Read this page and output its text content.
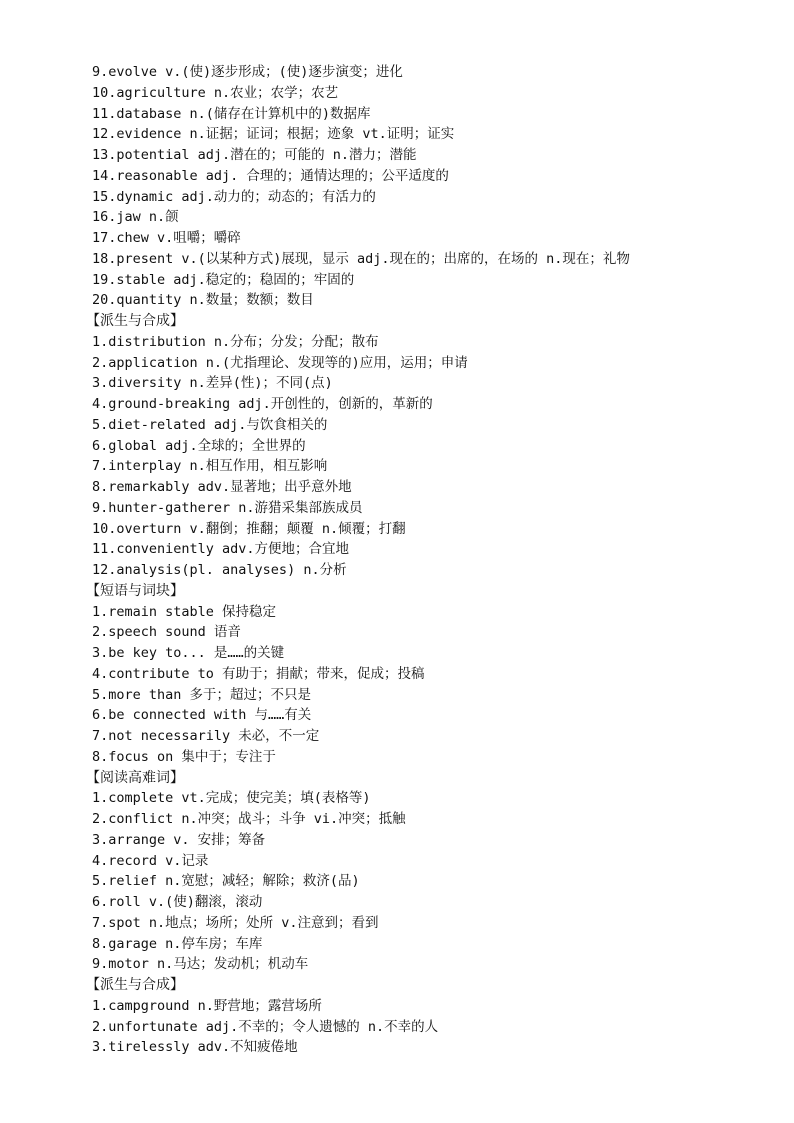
9.evolve v.(使)逐步形成；(使)逐步演变；进化
10.agriculture n.农业；农学；农艺
11.database n.(储存在计算机中的)数据库
12.evidence n.证据；证词；根据；迹象 vt.证明；证实
13.potential adj.潜在的；可能的 n.潜力；潜能
14.reasonable adj. 合理的；通情达理的；公平适度的
15.dynamic adj.动力的；动态的；有活力的
16.jaw n.颌
17.chew v.咀嚼；嚼碎
18.present v.(以某种方式)展现，显示 adj.现在的；出席的，在场的 n.现在；礼物
19.stable adj.稳定的；稳固的；牢固的
20.quantity n.数量；数额；数目
【派生与合成】
1.distribution n.分布；分发；分配；散布
2.application n.(尤指理论、发现等的)应用，运用；申请
3.diversity n.差异(性)；不同(点)
4.ground-breaking adj.开创性的，创新的，革新的
5.diet-related adj.与饮食相关的
6.global adj.全球的；全世界的
7.interplay n.相互作用，相互影响
8.remarkably adv.显著地；出乎意外地
9.hunter-gatherer n.游猎采集部族成员
10.overturn v.翻倒；推翻；颠覆 n.倾覆；打翻
11.conveniently adv.方便地；合宜地
12.analysis(pl. analyses) n.分析
【短语与词块】
1.remain stable 保持稳定
2.speech sound 语音
3.be key to... 是……的关键
4.contribute to 有助于；捐献；带来，促成；投稿
5.more than 多于；超过；不只是
6.be connected with 与……有关
7.not necessarily 未必，不一定
8.focus on 集中于；专注于
【阅读高难词】
1.complete vt.完成；使完美；填(表格等)
2.conflict n.冲突；战斗；斗争 vi.冲突；抵触
3.arrange v. 安排；筹备
4.record v.记录
5.relief n.宽慰；减轻；解除；救济(品)
6.roll v.(使)翻滚，滚动
7.spot n.地点；场所；处所 v.注意到；看到
8.garage n.停车房；车库
9.motor n.马达；发动机；机动车
【派生与合成】
1.campground n.野营地；露营场所
2.unfortunate adj.不幸的；令人遗憾的 n.不幸的人
3.tirelessly adv.不知疲倦地
